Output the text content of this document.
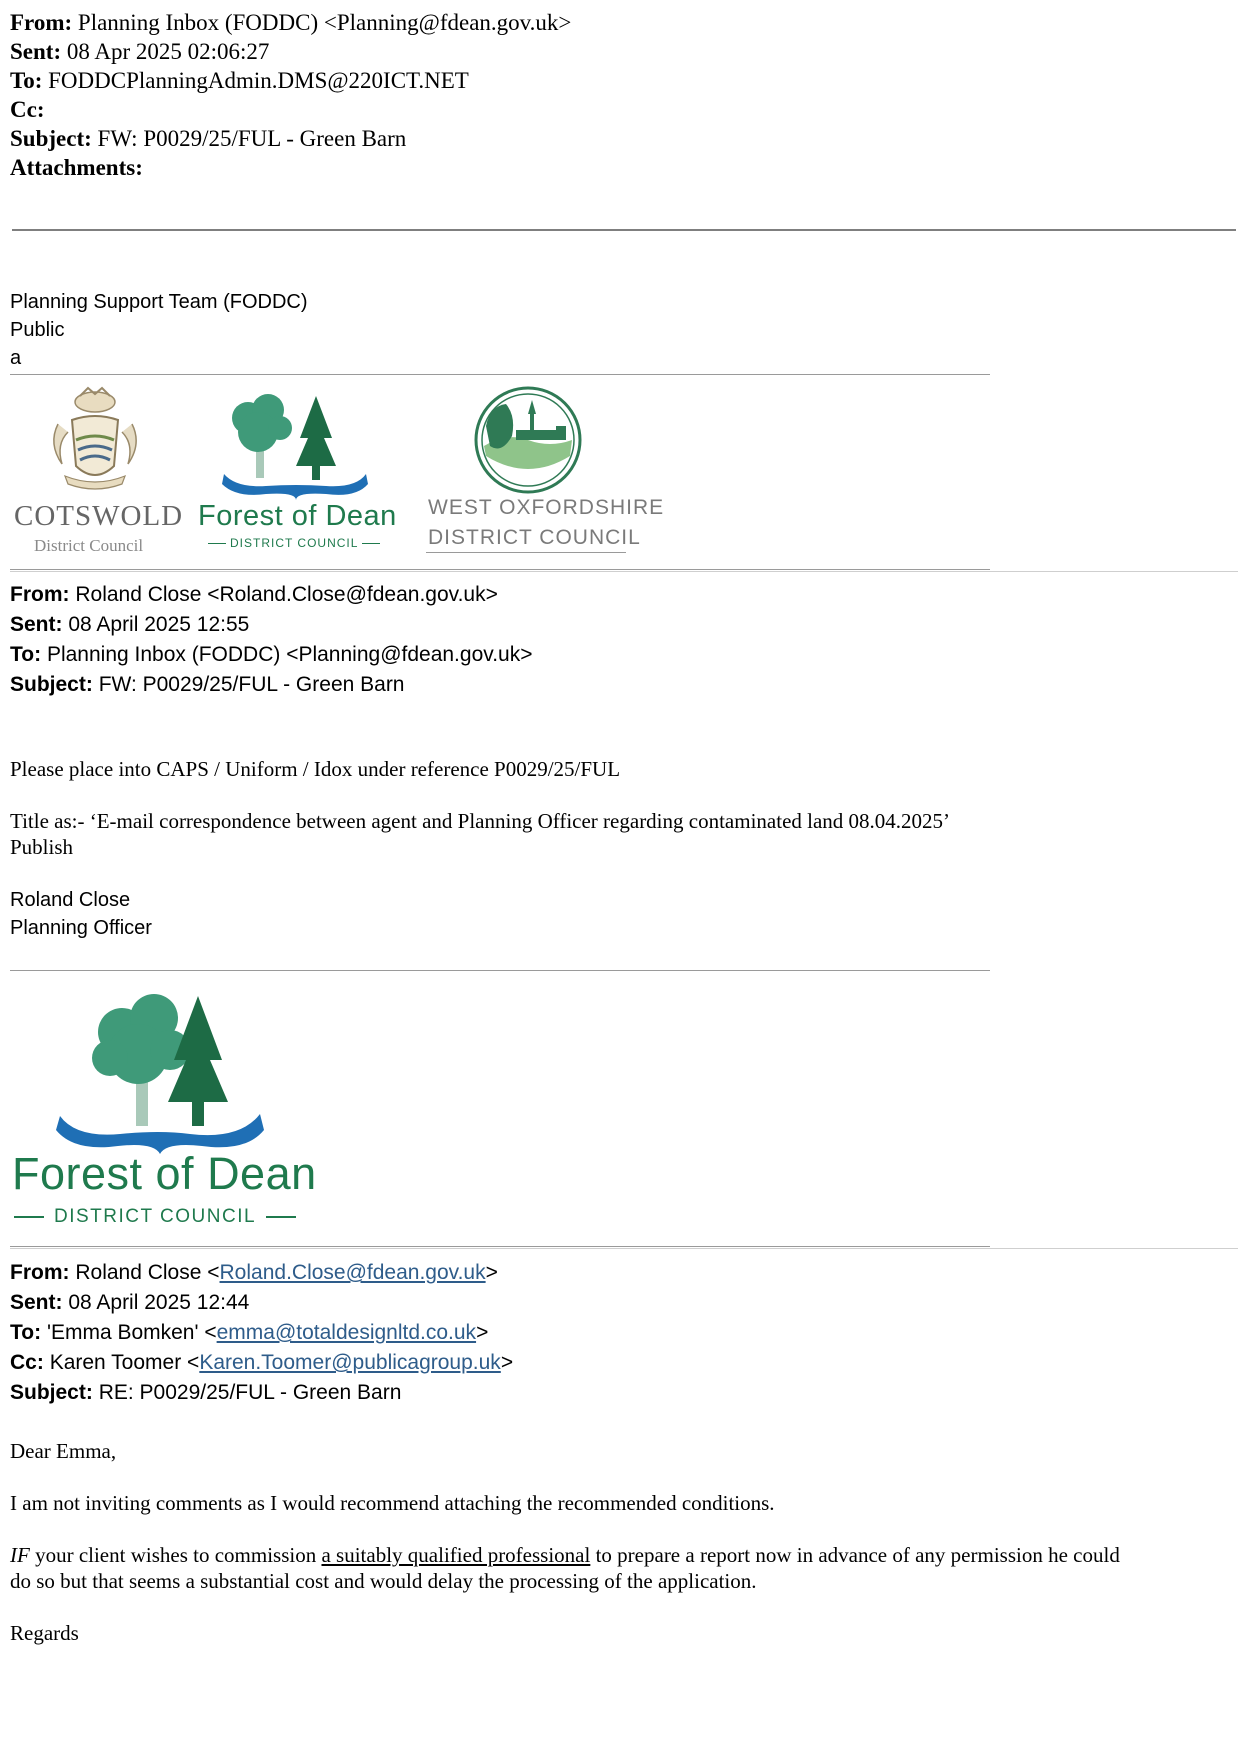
From: Planning Inbox (FODDC) <Planning@fdean.gov.uk>
Sent: 08 Apr 2025 02:06:27
To: FODDCPlanningAdmin.DMS@220ICT.NET
Cc:
Subject: FW: P0029/25/FUL - Green Barn
Attachments:
Planning Support Team (FODDC)
Public
a
COTSWOLD
District Council
Forest of Dean
DISTRICT COUNCIL
WEST OXFORDSHIRE
DISTRICT COUNCIL
From: Roland Close <Roland.Close@fdean.gov.uk>
Sent: 08 April 2025 12:55
To: Planning Inbox (FODDC) <Planning@fdean.gov.uk>
Subject: FW: P0029/25/FUL - Green Barn
Please place into CAPS / Uniform / Idox under reference P0029/25/FUL
Title as:- ‘E-mail correspondence between agent and Planning Officer regarding contaminated land 08.04.2025’
Publish
Roland Close
Planning Officer
Forest of Dean
DISTRICT COUNCIL
From: Roland Close <Roland.Close@fdean.gov.uk>
Sent: 08 April 2025 12:44
To: 'Emma Bomken' <emma@totaldesignltd.co.uk>
Cc: Karen Toomer <Karen.Toomer@publicagroup.uk>
Subject: RE: P0029/25/FUL - Green Barn
Dear Emma,
I am not inviting comments as I would recommend attaching the recommended conditions.
IF your client wishes to commission a suitably qualified professional to prepare a report now in advance of any permission he could
do so but that seems a substantial cost and would delay the processing of the application.
Regards
